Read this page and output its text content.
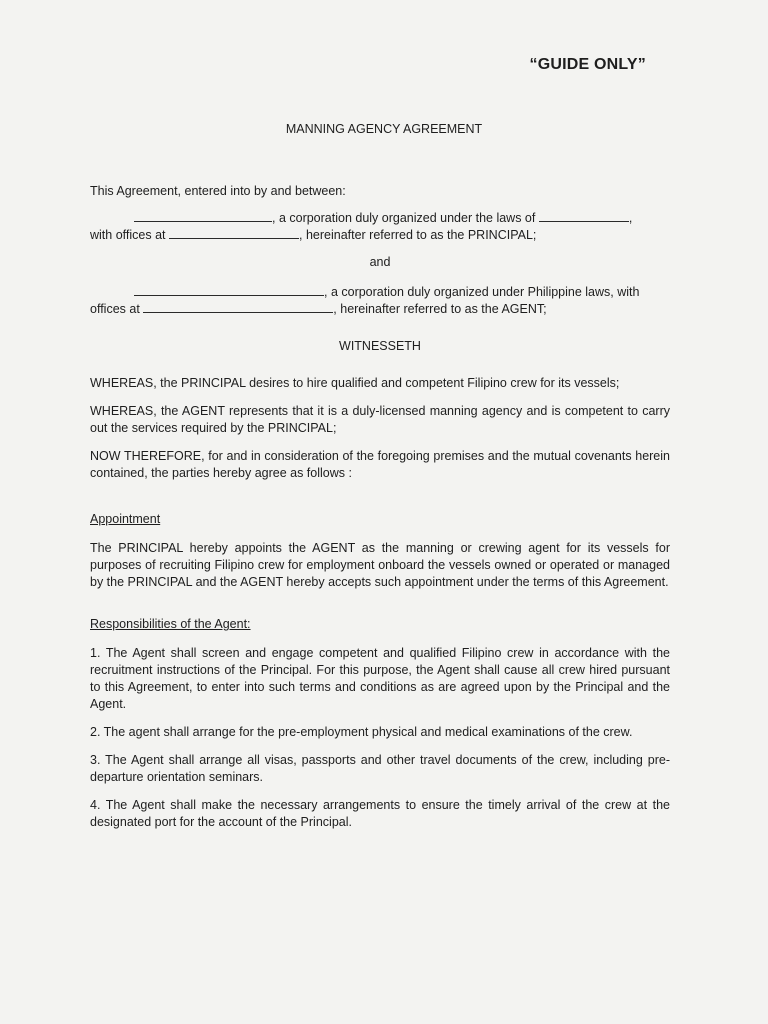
“GUIDE ONLY”
MANNING AGENCY AGREEMENT

This Agreement, entered into by and between:

, a corporation duly organized under the laws of	,
with offices at	, hereinafter referred to as the PRINCIPAL;

and

, a corporation duly organized under Philippine laws, with
offices at	, hereinafter referred to as the AGENT;

WITNESSETH

WHEREAS, the PRINCIPAL desires to hire qualified and competent Filipino crew for its vessels;

WHEREAS, the AGENT represents that it is a duly-licensed manning agency and is competent to carry out the services required by the PRINCIPAL;

NOW THEREFORE, for and in consideration of the foregoing premises and the mutual covenants herein contained, the parties hereby agree as follows :

Appointment

The PRINCIPAL hereby appoints the AGENT as the manning or crewing agent for its vessels for purposes of recruiting Filipino crew for employment onboard the vessels owned or operated or managed by the PRINCIPAL and the AGENT hereby accepts such appointment under the terms of this Agreement.

Responsibilities of the Agent:

1. The Agent shall screen and engage competent and qualified Filipino crew in accordance with the recruitment instructions of the Principal. For this purpose, the Agent shall cause all crew hired pursuant to this Agreement, to enter into such terms and conditions as are agreed upon by the Principal and the Agent.

2. The agent shall arrange for the pre-employment physical and medical examinations of the crew.

3. The Agent shall arrange all visas, passports and other travel documents of the crew, including pre-departure orientation seminars.

4. The Agent shall make the necessary arrangements to ensure the timely arrival of the crew at the designated port for the account of the Principal.
